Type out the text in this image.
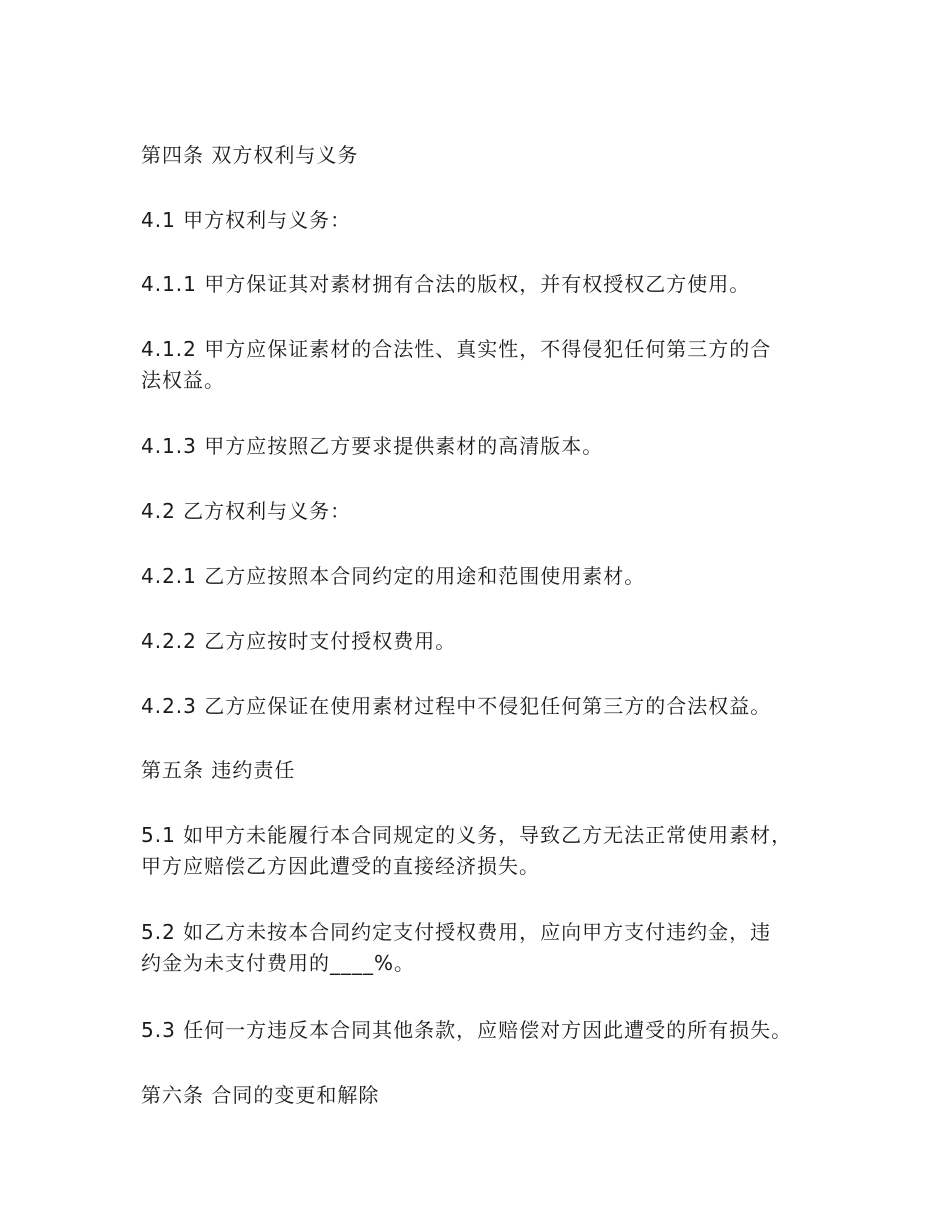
第四条 双方权利与义务

4.1 甲方权利与义务：

4.1.1 甲方保证其对素材拥有合法的版权，并有权授权乙方使用。

4.1.2 甲方应保证素材的合法性、真实性，不得侵犯任何第三方的合
法权益。

4.1.3 甲方应按照乙方要求提供素材的高清版本。

4.2 乙方权利与义务：

4.2.1 乙方应按照本合同约定的用途和范围使用素材。

4.2.2 乙方应按时支付授权费用。

4.2.3 乙方应保证在使用素材过程中不侵犯任何第三方的合法权益。

第五条 违约责任

5.1 如甲方未能履行本合同规定的义务，导致乙方无法正常使用素材，
甲方应赔偿乙方因此遭受的直接经济损失。

5.2 如乙方未按本合同约定支付授权费用，应向甲方支付违约金，违
约金为未支付费用的____%。

5.3 任何一方违反本合同其他条款，应赔偿对方因此遭受的所有损失。

第六条 合同的变更和解除
